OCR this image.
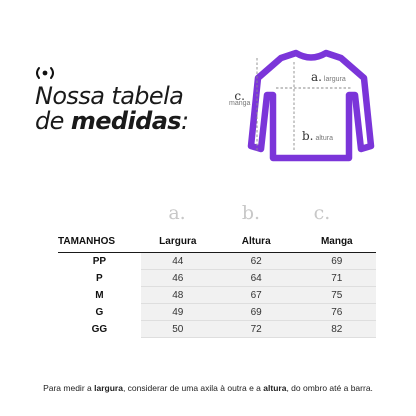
Nossa tabela
de medidas:
a. largura
b. altura
c.
manga
a.	b.	c.
TAMANHOS	Largura	Altura	Manga
PP	44	62	69
P	46	64	71
M	48	67	75
G	49	69	76
GG	50	72	82
Para medir a largura, considerar de uma axila à outra e a altura, do ombro até a barra.
